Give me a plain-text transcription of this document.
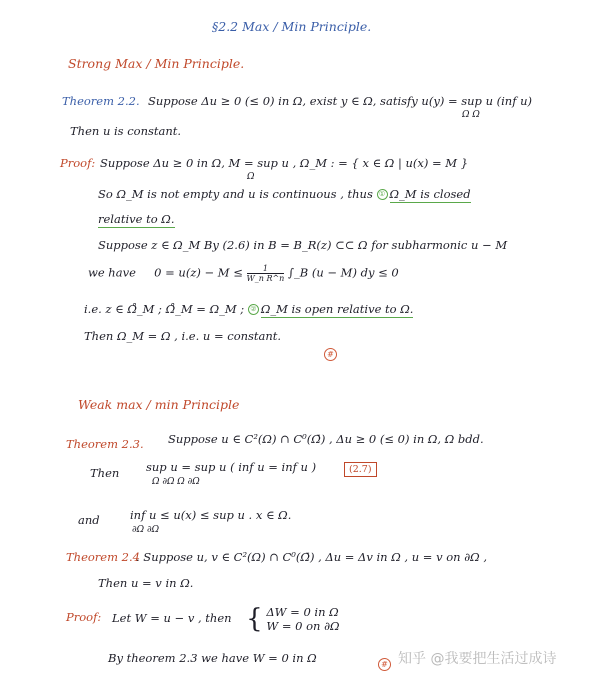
§2.2 Max / Min Principle.
Strong Max / Min Principle.
Theorem 2.2. Suppose Δu ≥ 0 (≤ 0) in Ω, exist y ∈ Ω, satisfy u(y) = sup u (inf u)
Ω Ω
Then u is constant.
Proof: Suppose Δu ≥ 0 in Ω, M = sup u , Ω_M : = { x ∈ Ω | u(x) = M }
Ω
So Ω_M is not empty and u is continuous , thus ① Ω_M is closed
relative to Ω.
Suppose z ∈ Ω_M By (2.6) in B = B_R(z) ⊂⊂ Ω for subharmonic u − M
we have $0 = u(z) - M \le \frac{1}{\text{W\_n R\textasciicircum{}n}}$ ∫_B (u − M) dy ≤ 0
i.e. z ∈ Ω̊_M ; Ω̊_M = Ω_M ; ② Ω_M is open relative to Ω.
Then Ω_M = Ω , i.e. u = constant.
#
Weak max / min Principle
Theorem 2.3. Suppose u ∈ C²(Ω) ∩ C⁰(Ω̄) , Δu ≥ 0 (≤ 0) in Ω, Ω bdd.
Then sup u = sup u ( inf u = inf u )
Ω ∂Ω Ω ∂Ω
(2.7)
and	inf u ≤ u(x) ≤ sup u . x ∈ Ω.
∂Ω ∂Ω
Theorem 2.4
. Suppose u, v ∈ C²(Ω) ∩ C⁰(Ω̄) , Δu = Δv in Ω , u = v on ∂Ω ,
Then u = v in Ω.
Proof: Let W = u − v , then { ΔW = 0 in Ω
W = 0 on ∂Ω
By theorem 2.3 we have W = 0 in Ω	# 知乎 @我要把生活过成诗
